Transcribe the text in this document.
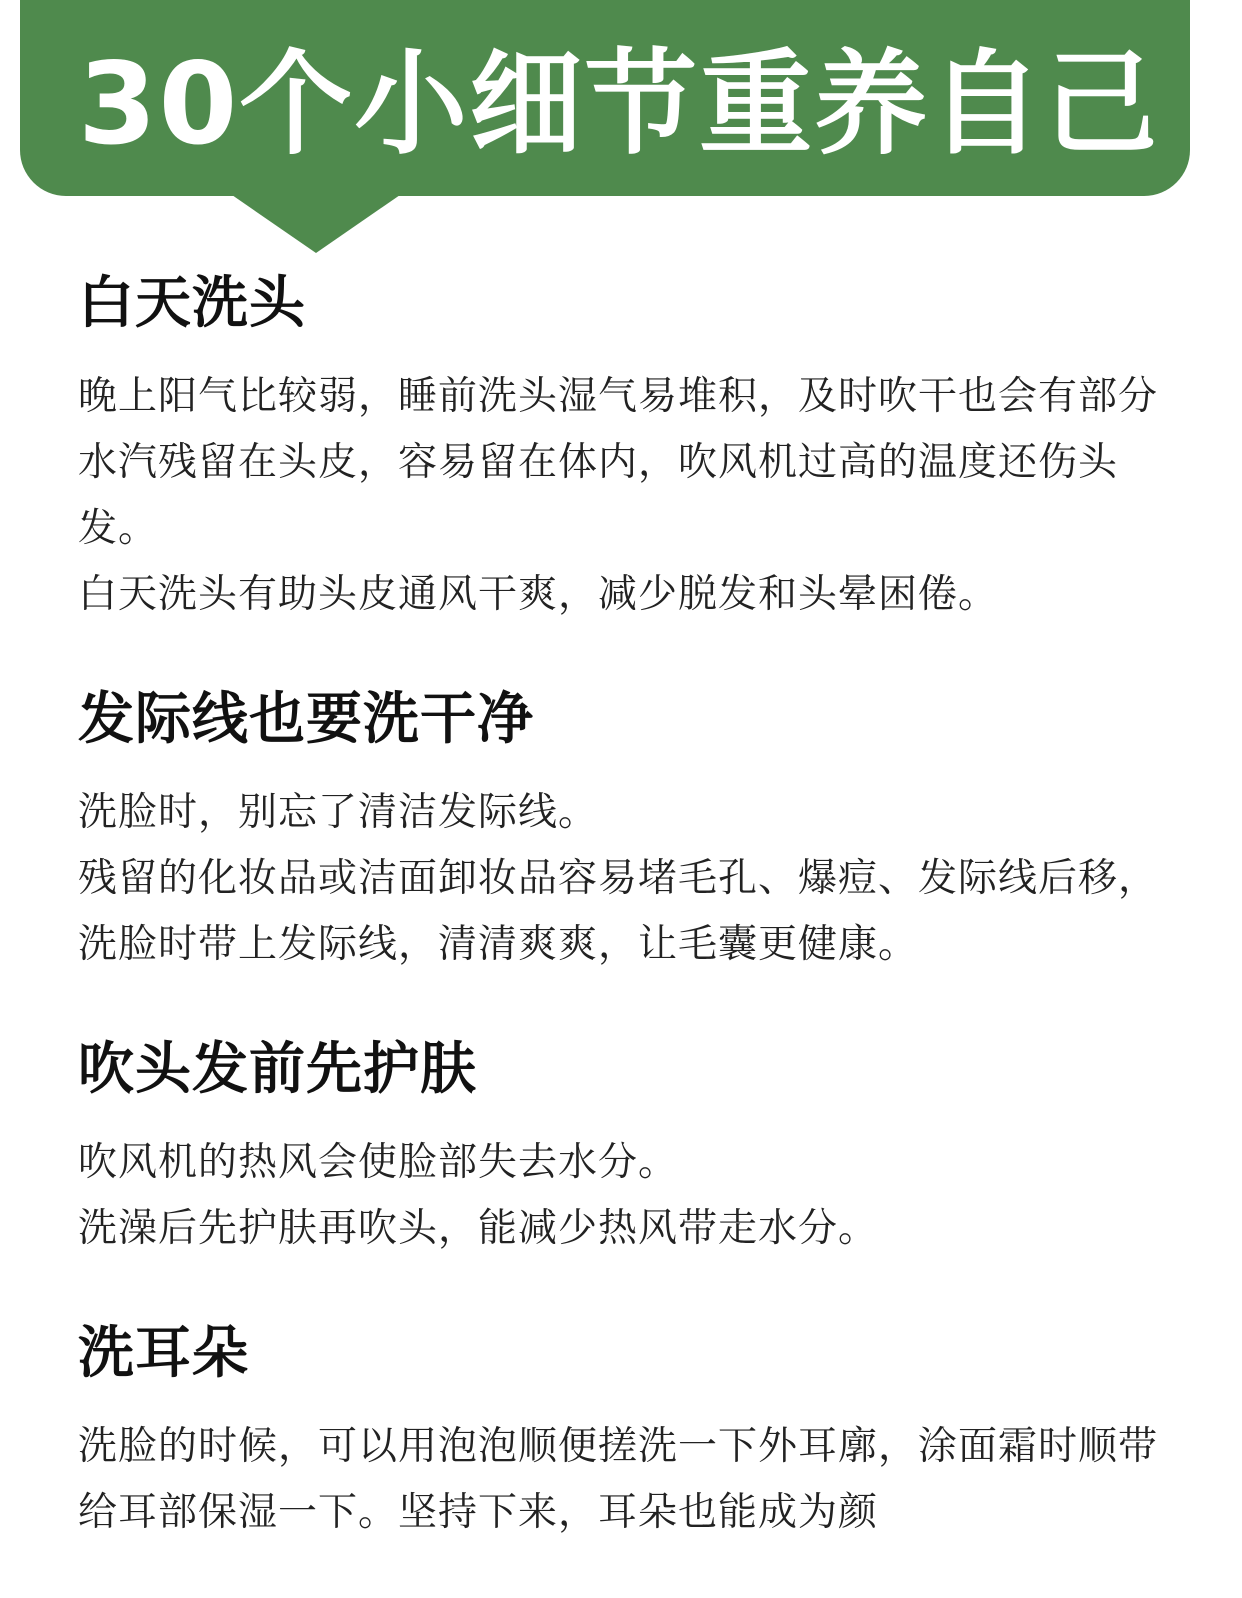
30个小细节重养自己
白天洗头

晚上阳气比较弱，睡前洗头湿气易堆积，及时吹干也会有部分水汽残留在头皮，容易留在体内，吹风机过高的温度还伤头发。

白天洗头有助头皮通风干爽，减少脱发和头晕困倦。

发际线也要洗干净

洗脸时，别忘了清洁发际线。

残留的化妆品或洁面卸妆品容易堵毛孔、爆痘、发际线后移，洗脸时带上发际线，清清爽爽，让毛囊更健康。

吹头发前先护肤

吹风机的热风会使脸部失去水分。

洗澡后先护肤再吹头，能减少热风带走水分。

洗耳朵

洗脸的时候，可以用泡泡顺便搓洗一下外耳廓，涂面霜时顺带给耳部保湿一下。坚持下来，耳朵也能成为颜
